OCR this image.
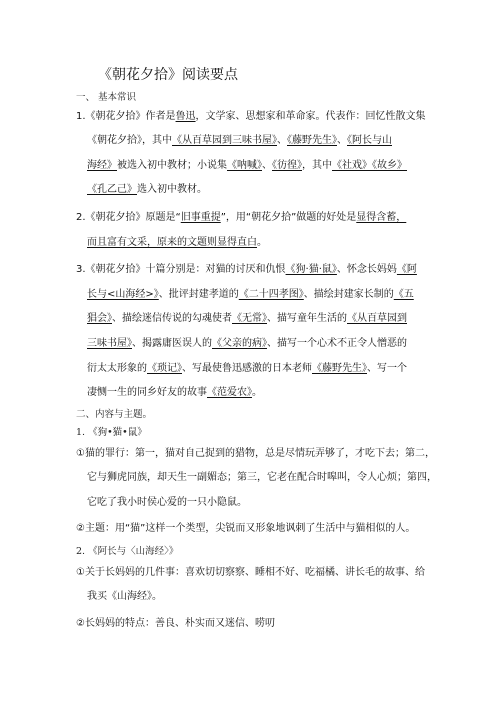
《朝花夕拾》阅读要点
一、 基本常识
1.《朝花夕拾》作者是鲁迅，文学家、思想家和革命家。代表作：回忆性散文集
《朝花夕拾》，其中《从百草园到三味书屋》、《藤野先生》、《阿长与山
海经》被选入初中教材；小说集《呐喊》、《彷徨》，其中《社戏》《故乡》
《孔乙己》选入初中教材。
2.《朝花夕拾》原题是“旧事重提”，用“朝花夕拾”做题的好处是显得含蓄，
而且富有文采，原来的文题则显得直白。
3.《朝花夕拾》十篇分别是：对猫的讨厌和仇恨《狗·猫·鼠》、怀念长妈妈《阿
长与<山海经>》、批评封建孝道的《二十四孝图》、描绘封建家长制的《五
猖会》、描绘迷信传说的勾魂使者《无常》、描写童年生活的《从百草园到
三味书屋》、揭露庸医误人的《父亲的病》、描写一个心术不正令人憎恶的
衍太太形象的《琐记》、写最使鲁迅感激的日本老师《藤野先生》、写一个
凄恻一生的同乡好友的故事《范爱农》。
二、内容与主题。
1. 《狗•猫•鼠》
①猫的罪行：第一，猫对自己捉到的猎物，总是尽情玩弄够了，才吃下去；第二，
它与狮虎同族，却天生一副媚态；第三，它老在配合时嗥叫，令人心烦；第四，
它吃了我小时侯心爱的一只小隐鼠。
②主题：用“猫”这样一个类型，尖锐而又形象地讽刺了生活中与猫相似的人。
2. 《阿长与〈山海经〉》
①关于长妈妈的几件事：喜欢切切察察、睡相不好、吃福橘、讲长毛的故事、给
我买《山海经》。
②长妈妈的特点：善良、朴实而又迷信、唠叨
